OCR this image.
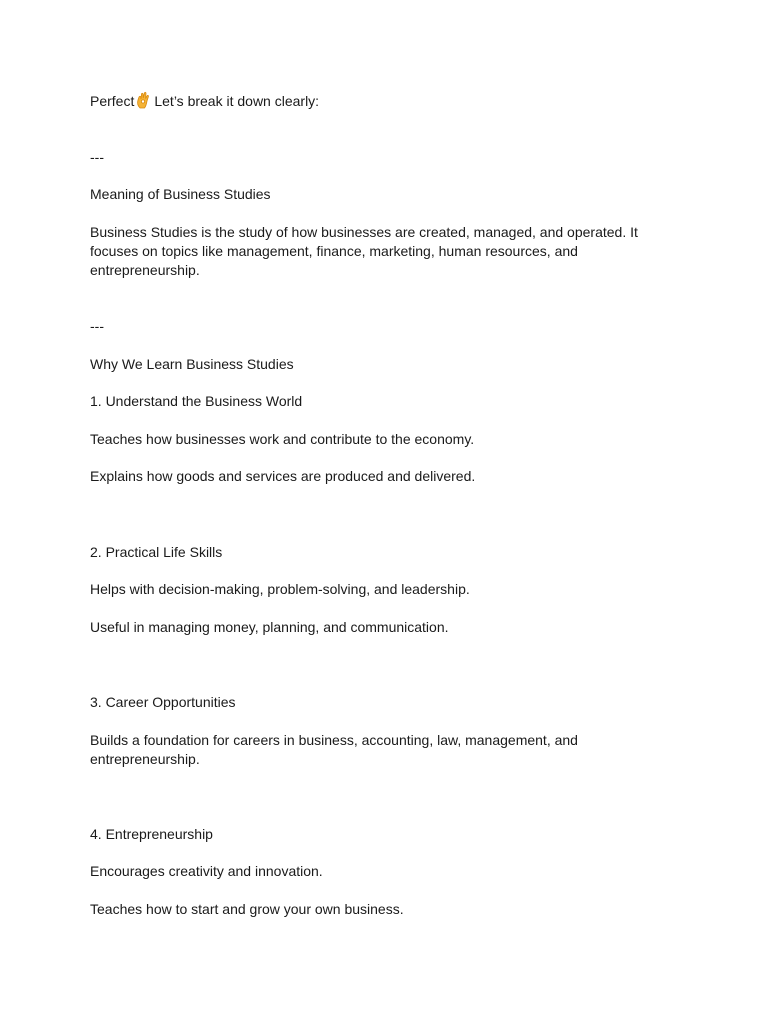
Perfect Let’s break it down clearly:
---
Meaning of Business Studies
Business Studies is the study of how businesses are created, managed, and operated. It focuses on topics like management, finance, marketing, human resources, and entrepreneurship.
---
Why We Learn Business Studies
1. Understand the Business World
Teaches how businesses work and contribute to the economy.
Explains how goods and services are produced and delivered.
2. Practical Life Skills
Helps with decision-making, problem-solving, and leadership.
Useful in managing money, planning, and communication.
3. Career Opportunities
Builds a foundation for careers in business, accounting, law, management, and entrepreneurship.
4. Entrepreneurship
Encourages creativity and innovation.
Teaches how to start and grow your own business.
